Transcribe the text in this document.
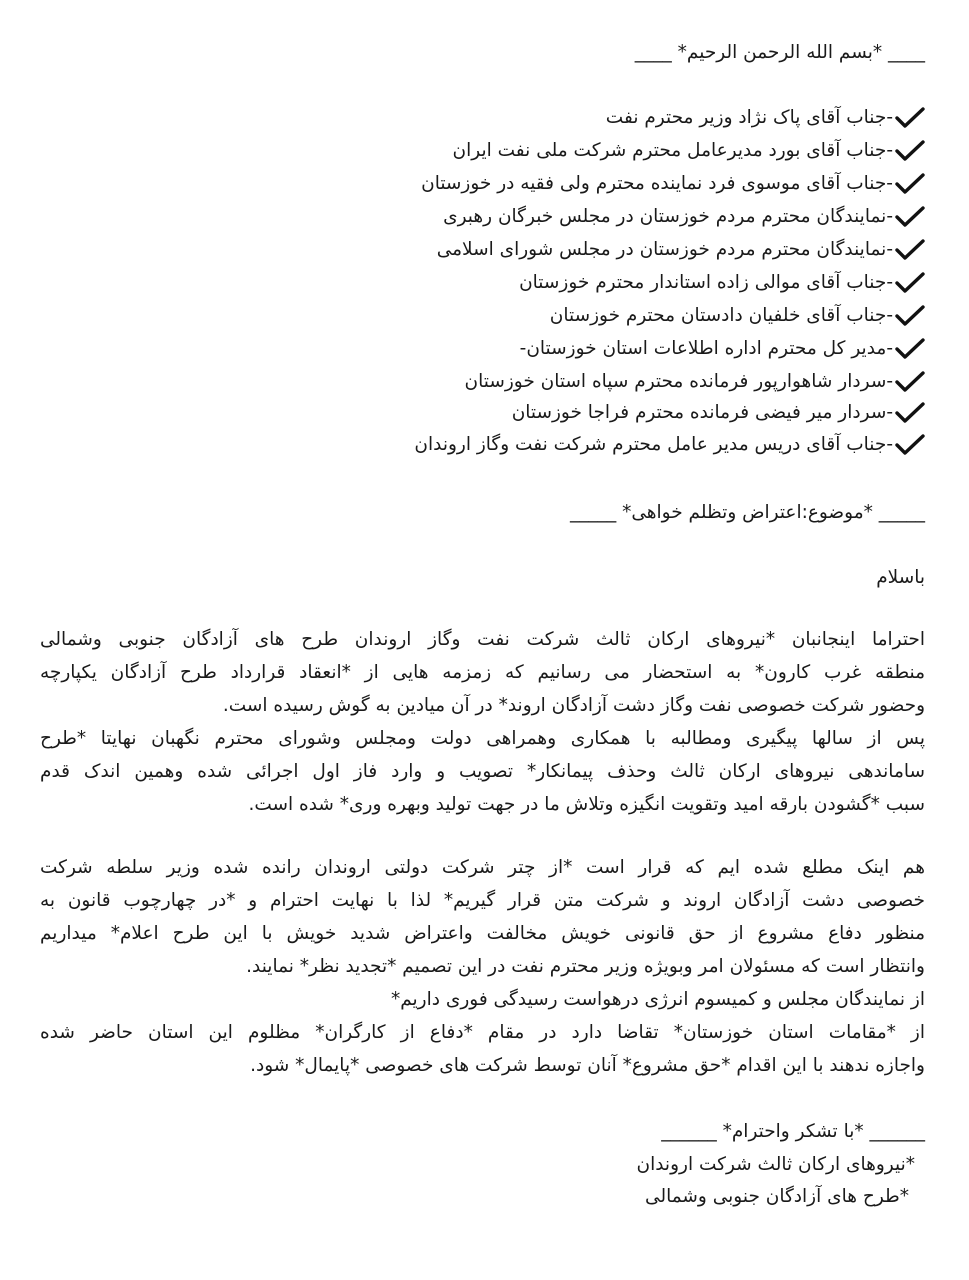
____ *بسم الله الرحمن الرحیم* ____
-جناب آقای پاک نژاد وزیر محترم نفت
-جناب آقای بورد مدیرعامل محترم شرکت ملی نفت ایران
-جناب آقای موسوی فرد نماینده محترم ولی فقیه در خوزستان
-نمایندگان محترم مردم خوزستان در مجلس خبرگان رهبری
-نمایندگان محترم مردم خوزستان در مجلس شورای اسلامی
-جناب آقای موالی زاده استاندار محترم خوزستان
-جناب آقای خلفیان دادستان محترم خوزستان
-مدیر کل محترم اداره اطلاعات استان خوزستان-
-سردار شاهوارپور فرمانده محترم سپاه استان خوزستان
-سردار میر فیضی فرمانده محترم فراجا خوزستان
-جناب آقای دریس مدیر عامل محترم شرکت نفت وگاز اروندان
_____ *موضوع:اعتراض وتظلم خواهی* _____
باسلام
احتراما اینجانبان *نیروهای ارکان ثالث شرکت نفت وگاز اروندان طرح های آزادگان جنوبی وشمالی
منطقه غرب کارون* به استحضار می رسانیم که زمزمه هایی از *انعقاد قرارداد طرح آزادگان یکپارچه
وحضور شرکت خصوصی نفت وگاز دشت آزادگان اروند* در آن میادین به گوش رسیده است.
پس از سالها پیگیری ومطالبه با همکاری وهمراهی دولت ومجلس وشورای محترم نگهبان نهایتا *طرح
ساماندهی نیروهای ارکان ثالث وحذف پیمانکار* تصویب و وارد فاز اول اجرائی شده وهمین اندک قدم
سبب *گشودن بارقه امید وتقویت انگیزه وتلاش ما در جهت تولید وبهره وری* شده است.
هم اینک مطلع شده ایم که قرار است *از چتر شرکت دولتی اروندان رانده شده وزیر سلطه شرکت
خصوصی دشت آزادگان اروند و شرکت متن قرار گیریم* لذا با نهایت احترام و *در چهارچوب قانون به
منظور دفاع مشروع از حق قانونی خویش مخالفت واعتراض شدید خویش با این طرح اعلام* میداریم
وانتظار است که مسئولان امر وبویژه وزیر محترم نفت در این تصمیم *تجدید نظر* نمایند.
از نمایندگان مجلس و کمیسوم انرژی درهواست رسیدگی فوری داریم*
از *مقامات استان خوزستان* تقاضا دارد در مقام *دفاع از کارگران* مظلوم این استان حاضر شده
واجازه ندهند با این اقدام *حق مشروع* آنان توسط شرکت های خصوصی *پایمال* شود.
______ *با تشکر واحترام* ______
*نیروهای ارکان ثالث شرکت اروندان
*طرح های آزادگان جنوبی وشمالی
